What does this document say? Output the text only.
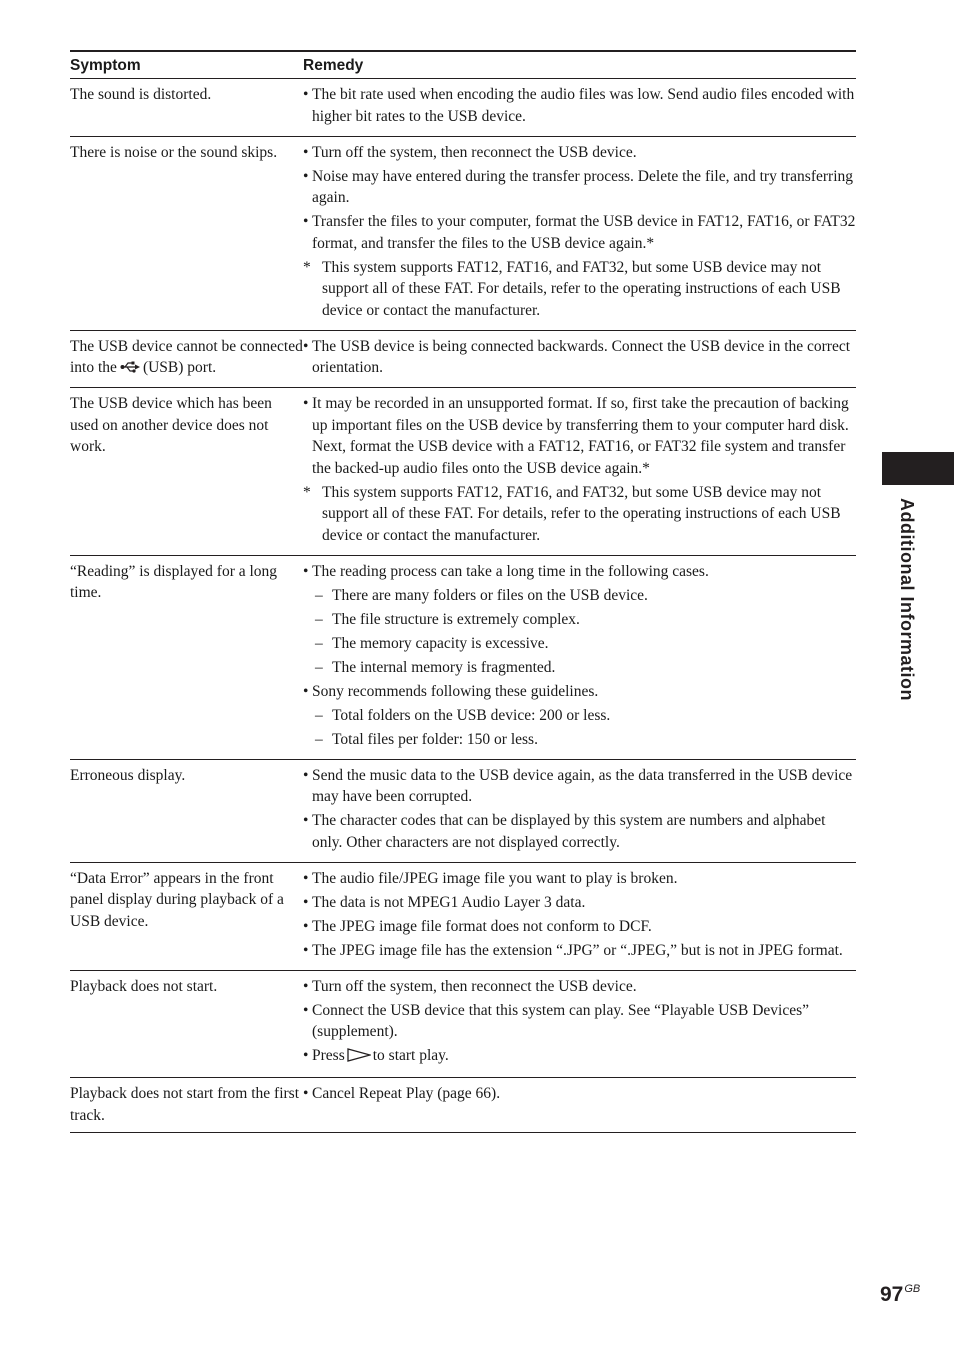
Symptom	Remedy
The sound is distorted.	• The bit rate used when encoding the audio files was low. Send audio files encoded with higher bit rates to the USB device.
There is noise or the sound skips.	• Turn off the system, then reconnect the USB device.
• Noise may have entered during the transfer process. Delete the file, and try transferring again.
• Transfer the files to your computer, format the USB device in FAT12, FAT16, or FAT32 format, and transfer the files to the USB device again.*
* This system supports FAT12, FAT16, and FAT32, but some USB device may not support all of these FAT. For details, refer to the operating instructions of each USB device or contact the manufacturer.
The USB device cannot be connected into the (USB) port.
• The USB device is being connected backwards. Connect the USB device in the correct orientation.
The USB device which has been used on another device does not work.
• It may be recorded in an unsupported format. If so, first take the precaution of backing up important files on the USB device by transferring them to your computer hard disk. Next, format the USB device with a FAT12, FAT16, or FAT32 file system and transfer the backed-up audio files onto the USB device again.*
* This system supports FAT12, FAT16, and FAT32, but some USB device may not support all of these FAT. For details, refer to the operating instructions of each USB device or contact the manufacturer.
“Reading” is displayed for a long time.
• The reading process can take a long time in the following cases.
– There are many folders or files on the USB device.
– The file structure is extremely complex.
– The memory capacity is excessive.
– The internal memory is fragmented.
• Sony recommends following these guidelines.
– Total folders on the USB device: 200 or less.
– Total files per folder: 150 or less.
Erroneous display.	• Send the music data to the USB device again, as the data transferred in the USB device may have been corrupted.
• The character codes that can be displayed by this system are numbers and alphabet only. Other characters are not displayed correctly.
“Data Error” appears in the front panel display during playback of a USB device.
• The audio file/JPEG image file you want to play is broken.
• The data is not MPEG1 Audio Layer 3 data.
• The JPEG image file format does not conform to DCF.
• The JPEG image file has the extension “.JPG” or “.JPEG,” but is not in JPEG format.
Playback does not start.	• Turn off the system, then reconnect the USB device.
• Connect the USB device that this system can play. See “Playable USB Devices” (supplement).
• Press to start play.
Playback does not start from the first track.
• Cancel Repeat Play (page 66).
Additional Information
$97^{GB}$
